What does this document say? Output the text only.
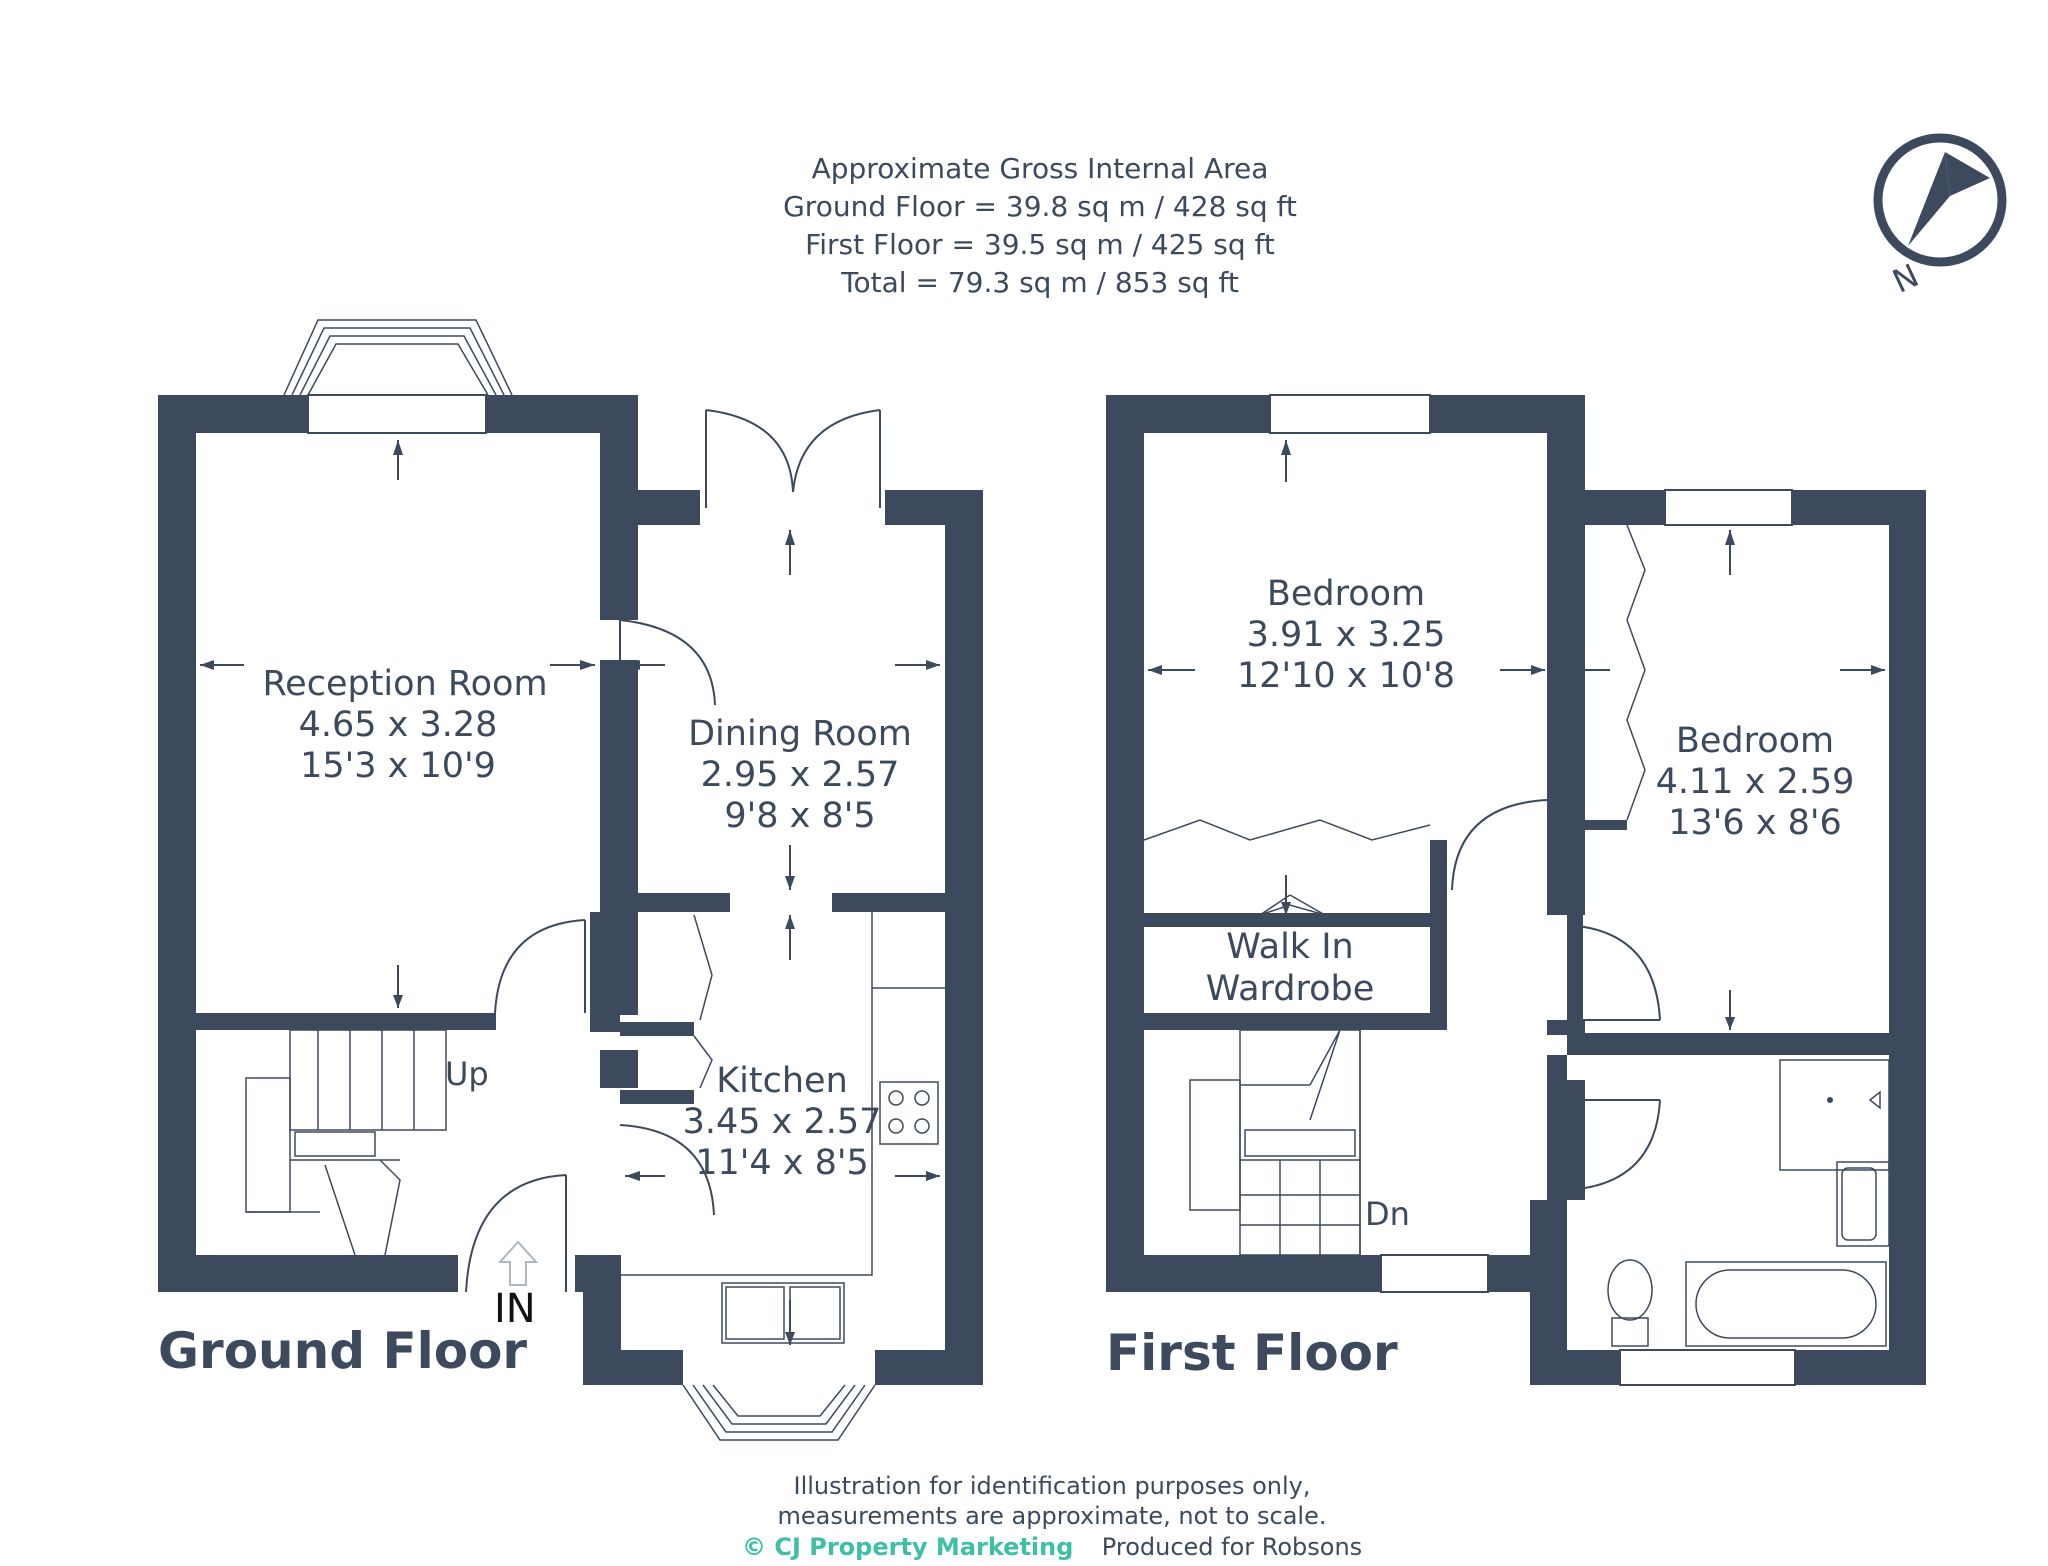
Approximate Gross Internal Area
Ground Floor = 39.8 sq m / 428 sq ft
First Floor = 39.5 sq m / 425 sq ft
Total = 79.3 sq m / 853 sq ft	N
Reception Room
4.65 x 3.28
15'3 x 10'9
Dining Room
2.95 x 2.57
9'8 x 8'5
Kitchen
3.45 x 2.57
11'4 x 8'5
Up
IN
Ground Floor
Bedroom
3.91 x 3.25
12'10 x 10'8
Bedroom
4.11 x 2.59
13'6 x 8'6
Walk In
Wardrobe
Dn
First Floor
Illustration for identification purposes only,
measurements are approximate, not to scale.
© CJ Property Marketing Produced for Robsons
